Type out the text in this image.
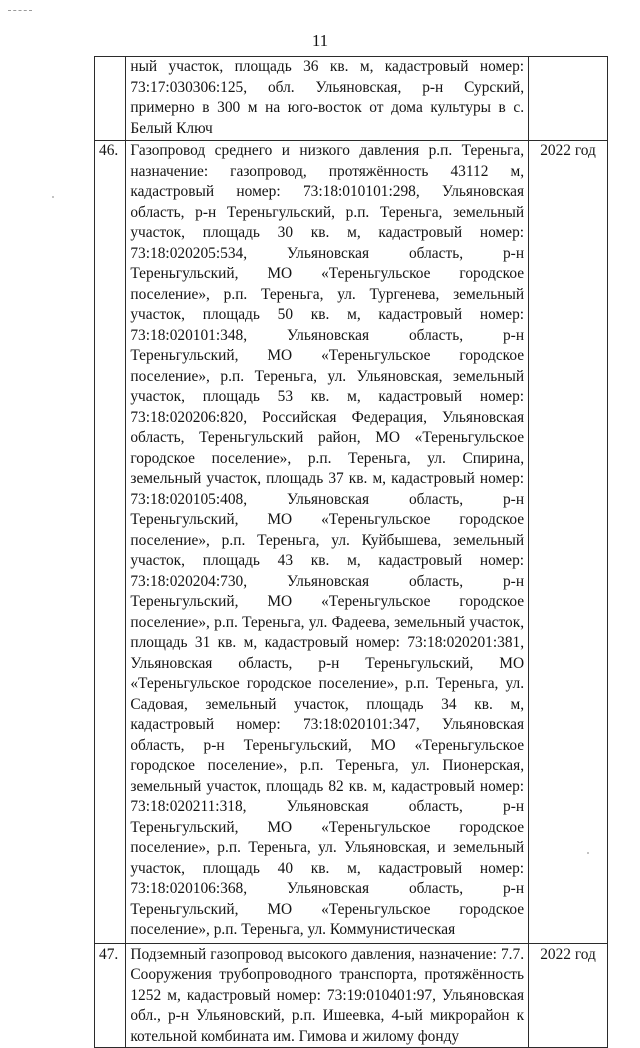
11
	ный участок, площадь 36 кв. м, кадастровый номер: 73:17:030306:125, обл. Ульяновская, р-н Сурский, примерно в 300 м на юго-восток от дома культуры в с. Белый Ключ	
46.	Газопровод среднего и низкого давления р.п. Тереньга, назначение: газопровод, протяжённость 43112 м, кадастровый номер: 73:18:010101:298, Ульяновская область, р-н Тереньгульский, р.п. Тереньга, земельный участок, площадь 30 кв. м, кадастровый номер: 73:18:020205:534, Ульяновская область, р-н Тереньгульский, МО «Тереньгульское городское поселение», р.п. Тереньга, ул. Тургенева, земельный участок, площадь 50 кв. м, кадастровый номер: 73:18:020101:348, Ульяновская область, р-н Тереньгульский, МО «Тереньгульское городское поселение», р.п. Тереньга, ул. Ульяновская, земельный участок, площадь 53 кв. м, кадастровый номер: 73:18:020206:820, Российская Федерация, Ульяновская область, Тереньгульский район, МО «Тереньгульское городское поселение», р.п. Тереньга, ул. Спирина, земельный участок, площадь 37 кв. м, кадастровый номер: 73:18:020105:408, Ульяновская область, р-н Тереньгульский, МО «Тереньгульское городское поселение», р.п. Тереньга, ул. Куйбышева, земельный участок, площадь 43 кв. м, кадастровый номер: 73:18:020204:730, Ульяновская область, р-н Тереньгульский, МО «Тереньгульское городское поселение», р.п. Тереньга, ул. Фадеева, земельный участок, площадь 31 кв. м, кадастровый номер: 73:18:020201:381, Ульяновская область, р-н Тереньгульский, МО «Тереньгульское городское поселение», р.п. Тереньга, ул. Садовая, земельный участок, площадь 34 кв. м, кадастровый номер: 73:18:020101:347, Ульяновская область, р-н Тереньгульский, МО «Тереньгульское городское поселение», р.п. Тереньга, ул. Пионерская, земельный участок, площадь 82 кв. м, кадастровый номер: 73:18:020211:318, Ульяновская область, р-н Тереньгульский, МО «Тереньгульское городское поселение», р.п. Тереньга, ул. Ульяновская, и земельный участок, площадь 40 кв. м, кадастровый номер: 73:18:020106:368, Ульяновская область, р-н Тереньгульский, МО «Тереньгульское городское поселение», р.п. Тереньга, ул. Коммунистическая	2022 год
47.	Подземный газопровод высокого давления, назначение: 7.7. Сооружения трубопроводного транспорта, протяжённость 1252 м, кадастровый номер: 73:19:010401:97, Ульяновская обл., р-н Ульяновский, р.п. Ишеевка, 4-ый микрорайон к котельной комбината им. Гимова и жилому фонду	2022 год
